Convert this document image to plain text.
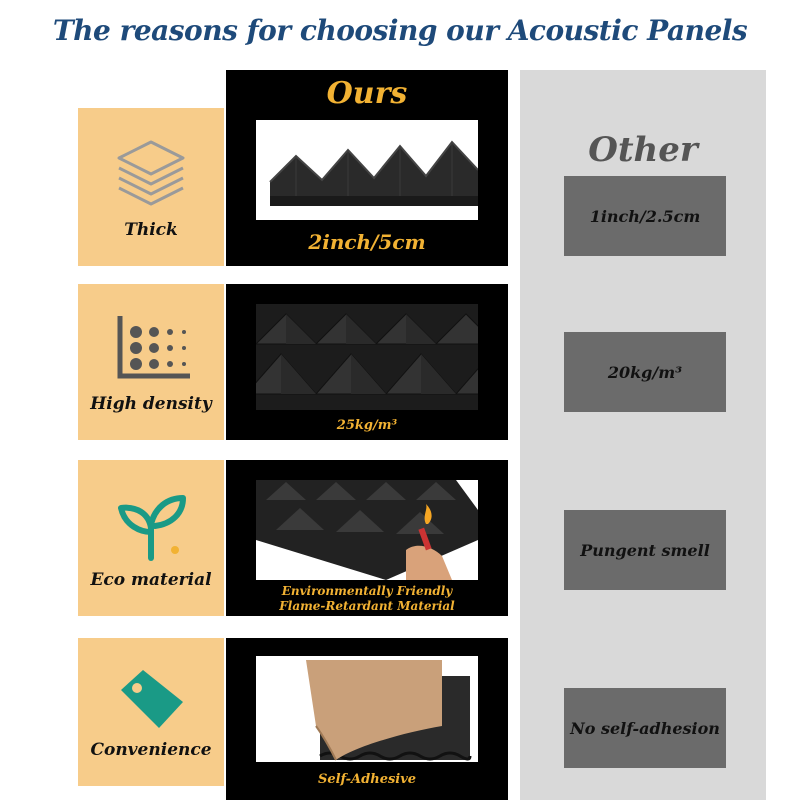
The reasons for choosing our Acoustic Panels
Other
Thick	2inch/5cm
Ours
1inch/2.5cm
High density
25kg/m³
20kg/m³
Eco material
Environmentally Friendly
Flame-Retardant Material
Pungent smell
Convenience
Self-Adhesive
No self-adhesion
